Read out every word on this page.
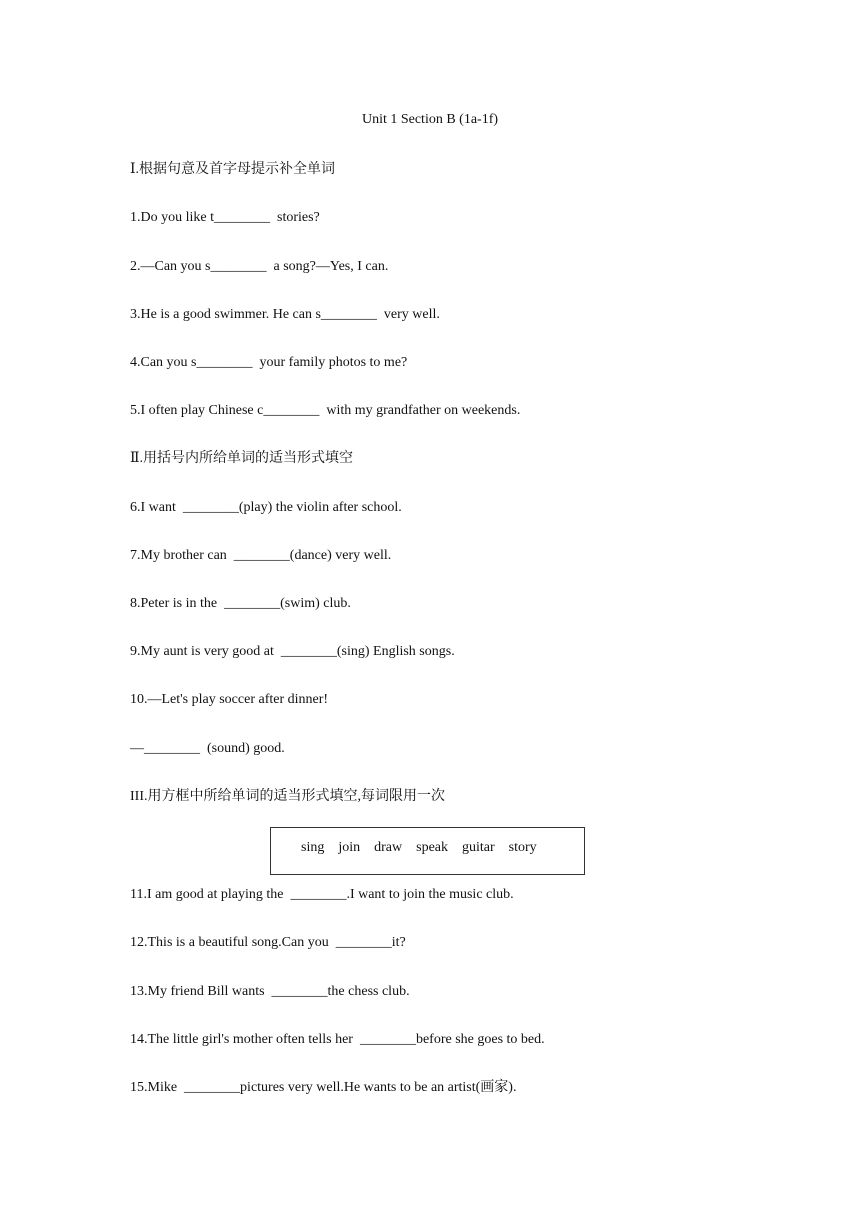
Unit 1 Section B (1a-1f)
Ⅰ.根据句意及首字母提示补全单词
1.Do you like t________  stories?
2.—Can you s________  a song?—Yes, I can.
3.He is a good swimmer. He can s________  very well.
4.Can you s________  your family photos to me?
5.I often play Chinese c________  with my grandfather on weekends.
Ⅱ.用括号内所给单词的适当形式填空
6.I want  ________(play) the violin after school.
7.My brother can  ________(dance) very well.
8.Peter is in the  ________(swim) club.
9.My aunt is very good at  ________(sing) English songs.
10.—Let's play soccer after dinner!
—________  (sound) good.
III.用方框中所给单词的适当形式填空,每词限用一次
sing join draw speak guitar story
11.I am good at playing the  ________.I want to join the music club.
12.This is a beautiful song.Can you  ________it?
13.My friend Bill wants  ________the chess club.
14.The little girl's mother often tells her  ________before she goes to bed.
15.Mike  ________pictures very well.He wants to be an artist(画家).
